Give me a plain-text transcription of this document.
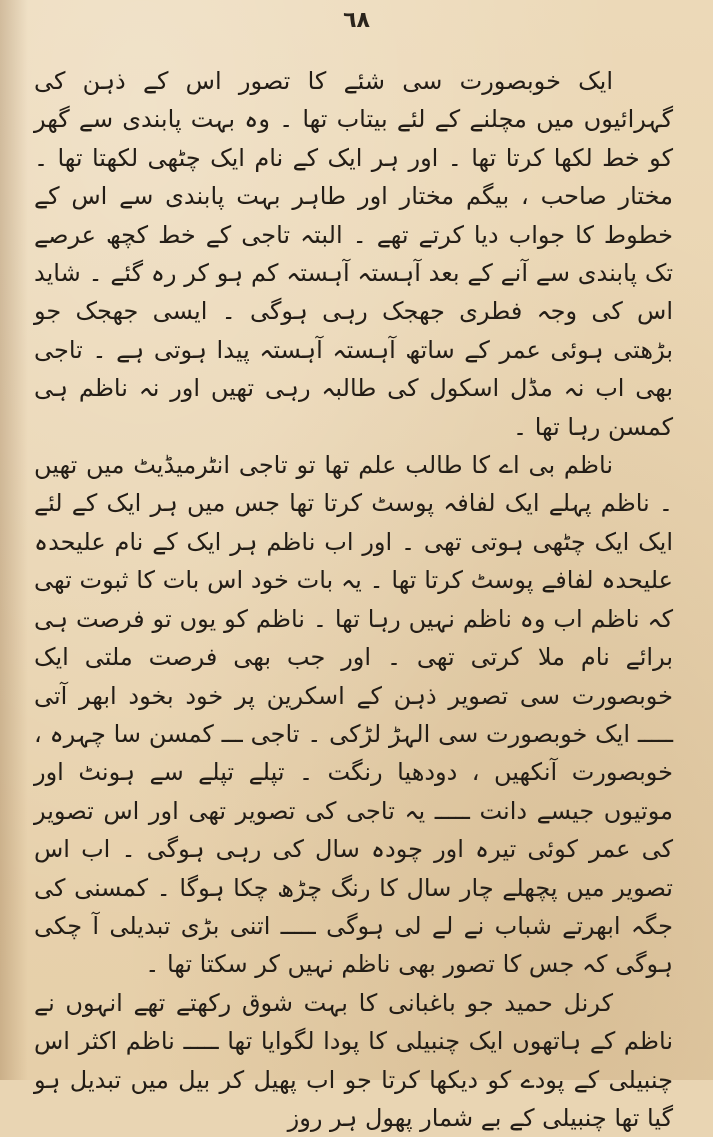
٦٨

ایک خوبصورت سی شئے کا تصور اس کے ذہن کی گہرائیوں میں مچلنے کے لئے بیتاب تھا ۔ وہ بہت پابندی سے گھر کو خط لکھا کرتا تھا ۔ اور ہر ایک کے نام ایک چٹھی لکھتا تھا ۔ مختار صاحب ، بیگم مختار اور طاہر بہت پابندی سے اس کے خطوط کا جواب دیا کرتے تھے ۔ البتہ تاجی کے خط کچھ عرصے تک پابندی سے آنے کے بعد آہستہ آہستہ کم ہو کر رہ گئے ۔ شاید اس کی وجہ فطری جھجک رہی ہوگی ۔ ایسی جھجک جو بڑھتی ہوئی عمر کے ساتھ آہستہ آہستہ پیدا ہوتی ہے ۔ تاجی بھی اب نہ مڈل اسکول کی طالبہ رہی تھیں اور نہ ناظم ہی کمسن رہا تھا ۔

ناظم بی اے کا طالب علم تھا تو تاجی انٹرمیڈیٹ میں تھیں ۔ ناظم پہلے ایک لفافہ پوسٹ کرتا تھا جس میں ہر ایک کے لئے ایک ایک چٹھی ہوتی تھی ۔ اور اب ناظم ہر ایک کے نام علیحدہ علیحدہ لفافے پوسٹ کرتا تھا ۔ یہ بات خود اس بات کا ثبوت تھی کہ ناظم اب وہ ناظم نہیں رہا تھا ۔ ناظم کو یوں تو فرصت ہی برائے نام ملا کرتی تھی ۔ اور جب بھی فرصت ملتی ایک خوبصورت سی تصویر ذہن کے اسکرین پر خود بخود ابھر آتی ـــــ ایک خوبصورت سی الہڑ لڑکی ۔ تاجی ـــ کمسن سا چہرہ ، خوبصورت آنکھیں ، دودھیا رنگت ۔ تپلے تپلے سے ہونٹ اور موتیوں جیسے دانت ـــــ یہ تاجی کی تصویر تھی اور اس تصویر کی عمر کوئی تیرہ اور چودہ سال کی رہی ہوگی ۔ اب اس تصویر میں پچھلے چار سال کا رنگ چڑھ چکا ہوگا ۔ کمسنی کی جگہ ابھرتے شباب نے لے لی ہوگی ـــــ اتنی بڑی تبدیلی آ چکی ہوگی کہ جس کا تصور بھی ناظم نہیں کر سکتا تھا ۔

کرنل حمید جو باغبانی کا بہت شوق رکھتے تھے انہوں نے ناظم کے ہاتھوں ایک چنبیلی کا پودا لگوایا تھا ـــــ ناظم اکثر اس چنبیلی کے پودے کو دیکھا کرتا جو اب پھیل کر بیل میں تبدیل ہو گیا تھا چنبیلی کے بے شمار پھول ہر روز
